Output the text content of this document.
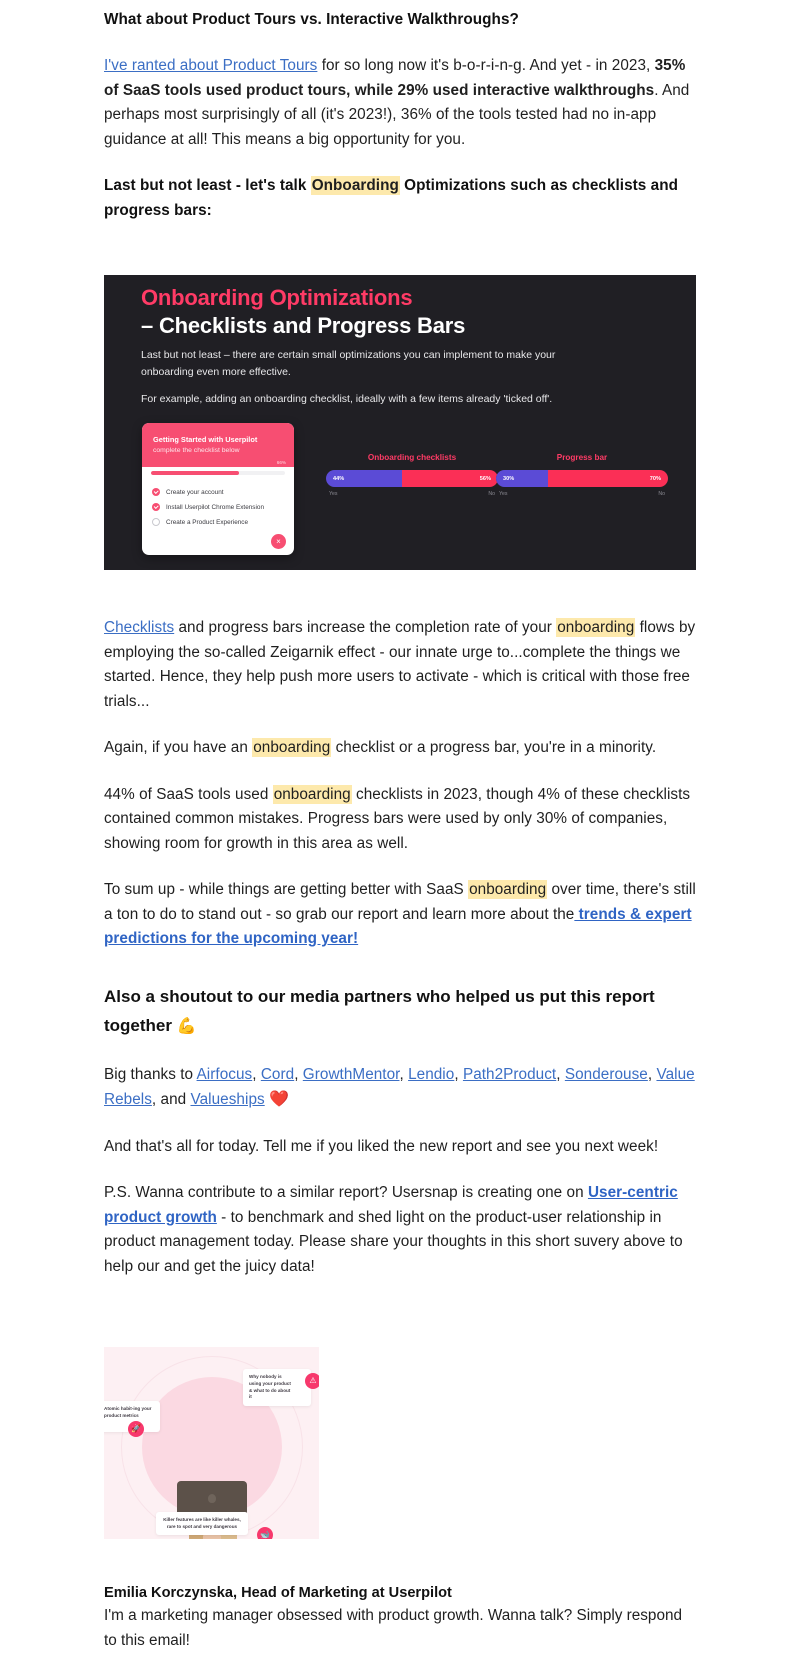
What about Product Tours vs. Interactive Walkthroughs?

I've ranted about Product Tours for so long now it's b-o-r-i-n-g. And yet - in 2023, 35% of SaaS tools used product tours, while 29% used interactive walkthroughs. And perhaps most surprisingly of all (it's 2023!), 36% of the tools tested had no in-app guidance at all! This means a big opportunity for you.

Last but not least - let's talk Onboarding Optimizations such as checklists and progress bars:

Onboarding Optimizations
– Checklists and Progress Bars
Last but not least – there are certain small optimizations you can implement to make your onboarding even more effective.
For example, adding an onboarding checklist, ideally with a few items already 'ticked off'.
Getting Started with Userpilot
complete the checklist below
66%
Create your account
Install Userpilot Chrome Extension
Create a Product Experience
×
Onboarding checklists
44%	56%
Yes	No
Progress bar
30%	70%
Yes	No

Checklists and progress bars increase the completion rate of your onboarding flows by employing the so-called Zeigarnik effect - our innate urge to...complete the things we started. Hence, they help push more users to activate - which is critical with those free trials...

Again, if you have an onboarding checklist or a progress bar, you're in a minority.

44% of SaaS tools used onboarding checklists in 2023, though 4% of these checklists contained common mistakes. Progress bars were used by only 30% of companies, showing room for growth in this area as well.

To sum up - while things are getting better with SaaS onboarding over time, there's still a ton to do to stand out - so grab our report and learn more about the trends & expert predictions for the upcoming year!

Also a shoutout to our media partners who helped us put this report together 💪

Big thanks to Airfocus, Cord, GrowthMentor, Lendio, Path2Product, Sonderouse, Value Rebels, and Valueships ❤️

And that's all for today. Tell me if you liked the new report and see you next week!

P.S. Wanna contribute to a similar report? Usersnap is creating one on User-centric product growth - to benchmark and shed light on the product-user relationship in product management today. Please share your thoughts in this short suvery above to help our and get the juicy data!

Why nobody is using your product & what to do about it
⚠
Atomic habit-ing your product metrics
🚀
Killer features are like killer whales, rare to spot and very dangerous
🐋

Emilia Korczynska, Head of Marketing at Userpilot

I'm a marketing manager obsessed with product growth. Wanna talk? Simply respond to this email!
